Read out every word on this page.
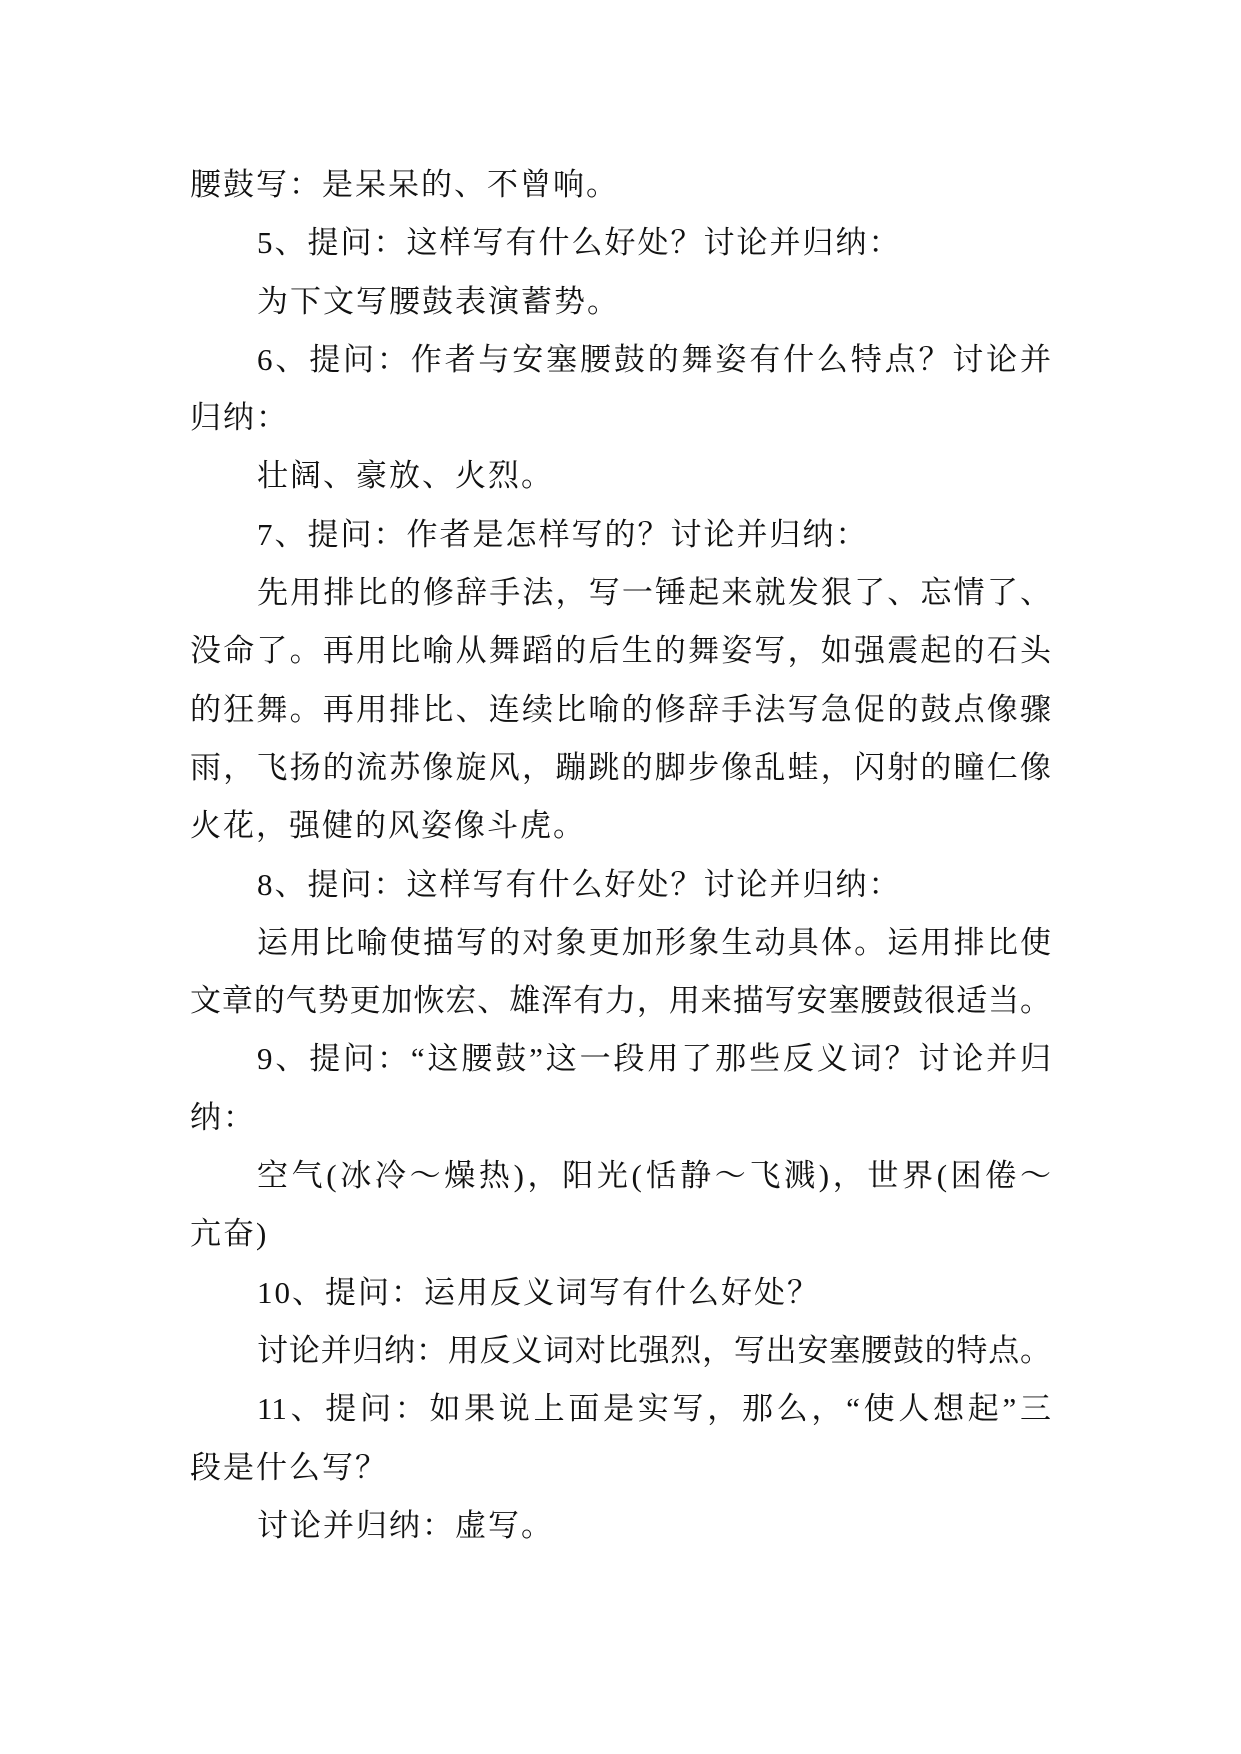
腰鼓写：是呆呆的、不曾响。
5、提问：这样写有什么好处？讨论并归纳：
为下文写腰鼓表演蓄势。
6、提问：作者与安塞腰鼓的舞姿有什么特点？讨论并
归纳：
壮阔、豪放、火烈。
7、提问：作者是怎样写的？讨论并归纳：
先用排比的修辞手法，写一锤起来就发狠了、忘情了、
没命了。再用比喻从舞蹈的后生的舞姿写，如强震起的石头
的狂舞。再用排比、连续比喻的修辞手法写急促的鼓点像骤
雨，飞扬的流苏像旋风，蹦跳的脚步像乱蛙，闪射的瞳仁像
火花，强健的风姿像斗虎。
8、提问：这样写有什么好处？讨论并归纳：
运用比喻使描写的对象更加形象生动具体。运用排比使
文章的气势更加恢宏、雄浑有力，用来描写安塞腰鼓很适当。
9、提问：“这腰鼓”这一段用了那些反义词？讨论并归
纳：
空气(冰冷～燥热)，阳光(恬静～飞溅)，世界(困倦～
亢奋)
10、提问：运用反义词写有什么好处？
讨论并归纳：用反义词对比强烈，写出安塞腰鼓的特点。
11、提问：如果说上面是实写，那么，“使人想起”三
段是什么写？
讨论并归纳：虚写。
